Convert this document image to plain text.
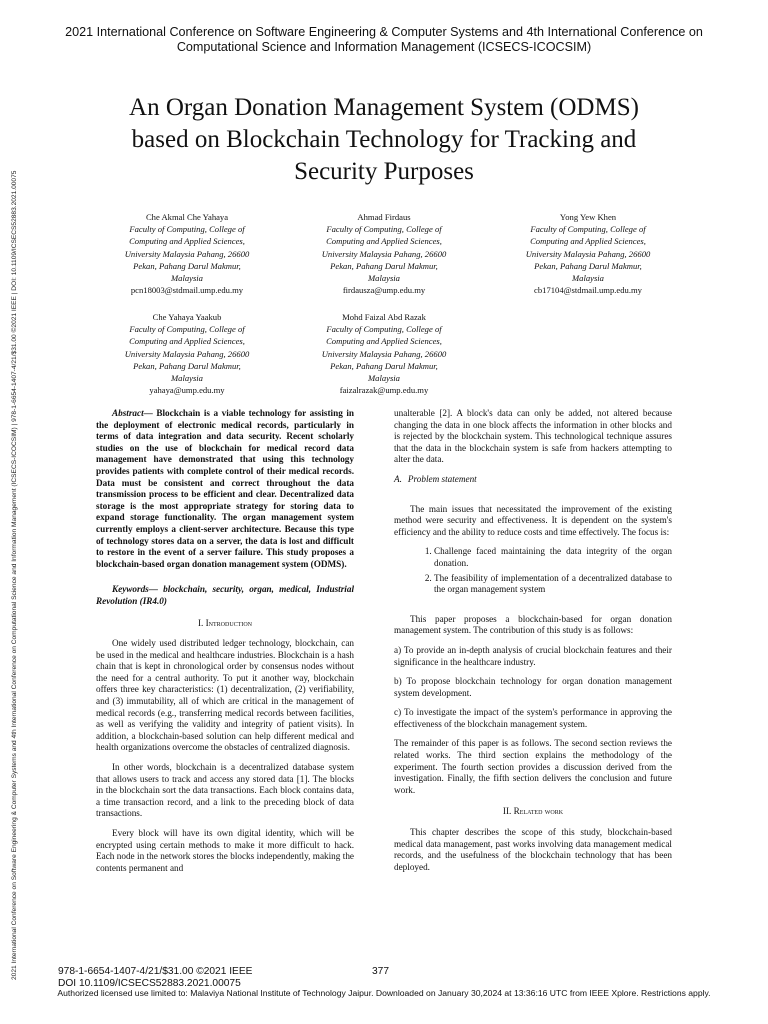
2021 International Conference on Software Engineering & Computer Systems and 4th International Conference on
Computational Science and Information Management (ICSECS-ICOCSIM)
2021 International Conference on Software Engineering & Computer Systems and 4th International Conference on Computational Science and Information Management (ICSECS-ICOCSIM) | 978-1-6654-1407-4/21/$31.00 ©2021 IEEE | DOI: 10.1109/ICSECS52883.2021.00075
An Organ Donation Management System (ODMS)
based on Blockchain Technology for Tracking and
Security Purposes
Che Akmal Che Yahaya
Faculty of Computing, College of
Computing and Applied Sciences,
University Malaysia Pahang, 26600
Pekan, Pahang Darul Makmur,
Malaysia
pcn18003@stdmail.ump.edu.my
Ahmad Firdaus
Faculty of Computing, College of
Computing and Applied Sciences,
University Malaysia Pahang, 26600
Pekan, Pahang Darul Makmur,
Malaysia
firdausza@ump.edu.my
Yong Yew Khen
Faculty of Computing, College of
Computing and Applied Sciences,
University Malaysia Pahang, 26600
Pekan, Pahang Darul Makmur,
Malaysia
cb17104@stdmail.ump.edu.my
Che Yahaya Yaakub
Faculty of Computing, College of
Computing and Applied Sciences,
University Malaysia Pahang, 26600
Pekan, Pahang Darul Makmur,
Malaysia
yahaya@ump.edu.my
Mohd Faizal Abd Razak
Faculty of Computing, College of
Computing and Applied Sciences,
University Malaysia Pahang, 26600
Pekan, Pahang Darul Makmur,
Malaysia
faizalrazak@ump.edu.my

Abstract— Blockchain is a viable technology for assisting in the deployment of electronic medical records, particularly in terms of data integration and data security. Recent scholarly studies on the use of blockchain for medical record data management have demonstrated that using this technology provides patients with complete control of their medical records. Data must be consistent and correct throughout the data transmission process to be efficient and clear. Decentralized data storage is the most appropriate strategy for storing data to expand storage functionality. The organ management system currently employs a client-server architecture. Because this type of technology stores data on a server, the data is lost and difficult to restore in the event of a server failure. This study proposes a blockchain-based organ donation management system (ODMS).

Keywords— blockchain, security, organ, medical, Industrial Revolution (IR4.0)

I. Introduction

One widely used distributed ledger technology, blockchain, can be used in the medical and healthcare industries. Blockchain is a hash chain that is kept in chronological order by consensus nodes without the need for a central authority. To put it another way, blockchain offers three key characteristics: (1) decentralization, (2) verifiability, and (3) immutability, all of which are critical in the management of medical records (e.g., transferring medical records between facilities, as well as verifying the validity and integrity of patient visits). In addition, a blockchain-based solution can help different medical and health organizations overcome the obstacles of centralized diagnosis.

In other words, blockchain is a decentralized database system that allows users to track and access any stored data [1]. The blocks in the blockchain sort the data transactions. Each block contains data, a time transaction record, and a link to the preceding block of data transactions.

Every block will have its own digital identity, which will be encrypted using certain methods to make it more difficult to hack. Each node in the network stores the blocks independently, making the contents permanent and

unalterable [2]. A block's data can only be added, not altered because changing the data in one block affects the information in other blocks and is rejected by the blockchain system. This technological technique assures that the data in the blockchain system is safe from hackers attempting to alter the data.

A. Problem statement

The main issues that necessitated the improvement of the existing method were security and effectiveness. It is dependent on the system's efficiency and the ability to reduce costs and time effectively. The focus is:

1. Challenge faced maintaining the data integrity of the organ donation.
2. The feasibility of implementation of a decentralized database to the organ management system

This paper proposes a blockchain-based for organ donation management system. The contribution of this study is as follows:

a) To provide an in-depth analysis of crucial blockchain features and their significance in the healthcare industry.

b) To propose blockchain technology for organ donation management system development.

c) To investigate the impact of the system's performance in approving the effectiveness of the blockchain management system.

The remainder of this paper is as follows. The second section reviews the related works. The third section explains the methodology of the experiment. The fourth section provides a discussion derived from the investigation. Finally, the fifth section delivers the conclusion and future work.

II. Related work

This chapter describes the scope of this study, blockchain-based medical data management, past works involving data management medical records, and the usefulness of the blockchain technology that has been deployed.

978-1-6654-1407-4/21/$31.00 ©2021 IEEE
DOI 10.1109/ICSECS52883.2021.00075
377
Authorized licensed use limited to: Malaviya National Institute of Technology Jaipur. Downloaded on January 30,2024 at 13:36:16 UTC from IEEE Xplore. Restrictions apply.
